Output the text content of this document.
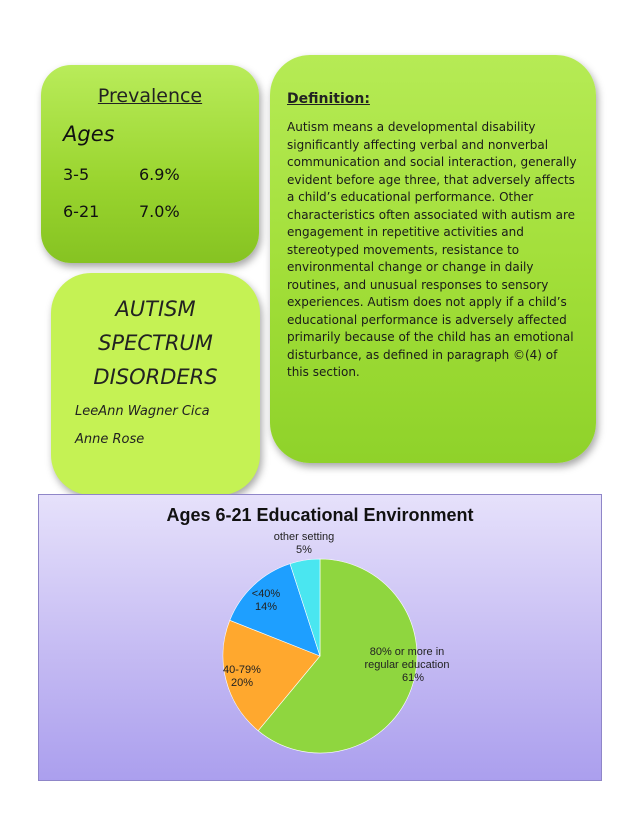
Prevalence
Ages
3-5	6.9%
6-21 7.0%
Definition:
Autism means a developmental disability significantly affecting verbal and nonverbal communication and social interaction, generally evident before age three, that adversely affects a child’s educational performance. Other characteristics often associated with autism are engagement in repetitive activities and stereotyped movements, resistance to environmental change or change in daily routines, and unusual responses to sensory experiences. Autism does not apply if a child’s educational performance is adversely affected primarily because of the child has an emotional disturbance, as defined in paragraph ©(4) of this section.
AUTISM
SPECTRUM
DISORDERS
LeeAnn Wagner Cica
Anne Rose
Ages 6-21 Educational Environment
80% or more in
regular education
61%
40-79%
20%
<40%
14%
other setting
5%
